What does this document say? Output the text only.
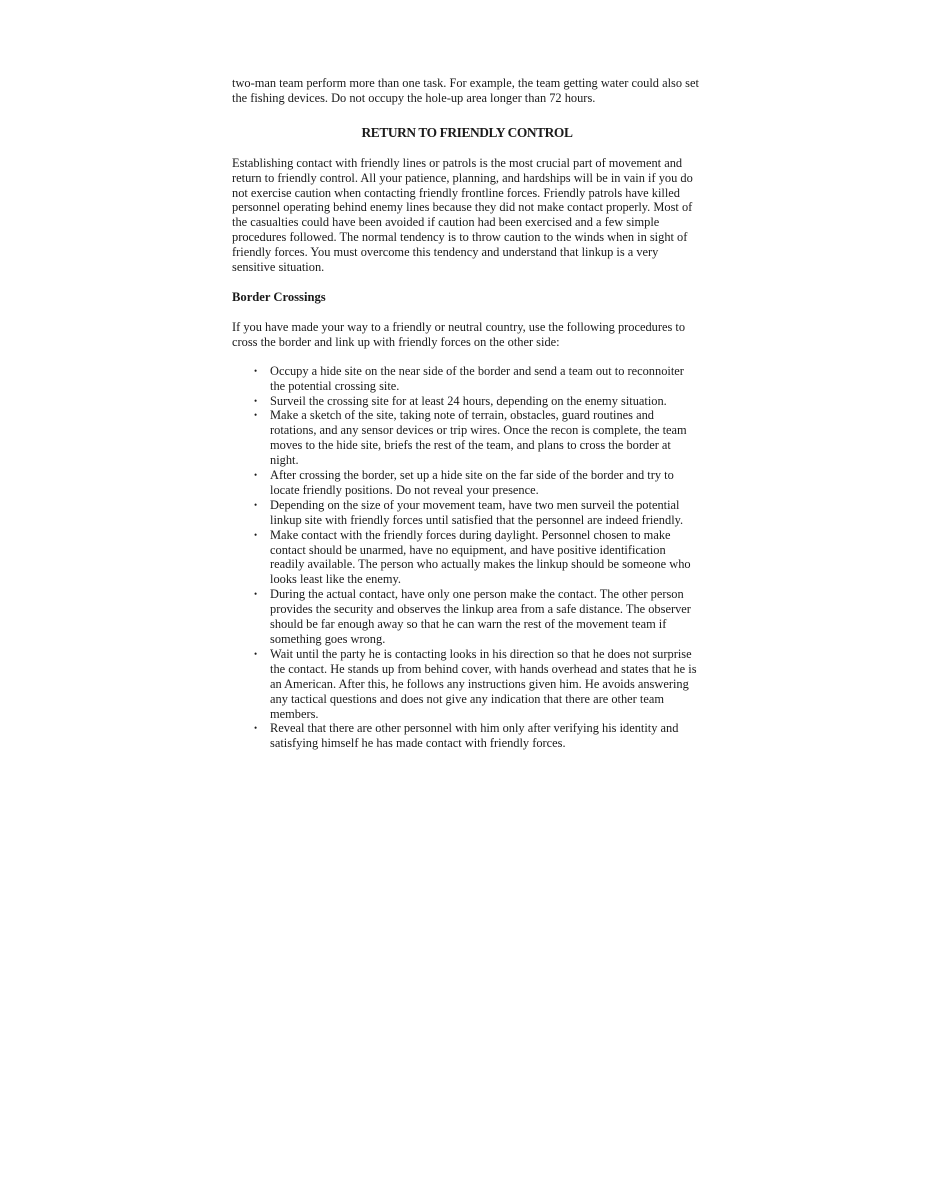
two-man team perform more than one task. For example, the team getting water could also set the fishing devices. Do not occupy the hole-up area longer than 72 hours.

RETURN TO FRIENDLY CONTROL

Establishing contact with friendly lines or patrols is the most crucial part of movement and return to friendly control. All your patience, planning, and hardships will be in vain if you do not exercise caution when contacting friendly frontline forces. Friendly patrols have killed personnel operating behind enemy lines because they did not make contact properly. Most of the casualties could have been avoided if caution had been exercised and a few simple procedures followed. The normal tendency is to throw caution to the winds when in sight of friendly forces. You must overcome this tendency and understand that linkup is a very sensitive situation.

Border Crossings

If you have made your way to a friendly or neutral country, use the following procedures to cross the border and link up with friendly forces on the other side:

• Occupy a hide site on the near side of the border and send a team out to reconnoiter the potential crossing site.
• Surveil the crossing site for at least 24 hours, depending on the enemy situation.
• Make a sketch of the site, taking note of terrain, obstacles, guard routines and rotations, and any sensor devices or trip wires. Once the recon is complete, the team moves to the hide site, briefs the rest of the team, and plans to cross the border at night.
• After crossing the border, set up a hide site on the far side of the border and try to locate friendly positions. Do not reveal your presence.
• Depending on the size of your movement team, have two men surveil the potential linkup site with friendly forces until satisfied that the personnel are indeed friendly.
• Make contact with the friendly forces during daylight. Personnel chosen to make contact should be unarmed, have no equipment, and have positive identification readily available. The person who actually makes the linkup should be someone who looks least like the enemy.
• During the actual contact, have only one person make the contact. The other person provides the security and observes the linkup area from a safe distance. The observer should be far enough away so that he can warn the rest of the movement team if something goes wrong.
• Wait until the party he is contacting looks in his direction so that he does not surprise the contact. He stands up from behind cover, with hands overhead and states that he is an American. After this, he follows any instructions given him. He avoids answering any tactical questions and does not give any indication that there are other team members.
• Reveal that there are other personnel with him only after verifying his identity and satisfying himself he has made contact with friendly forces.
